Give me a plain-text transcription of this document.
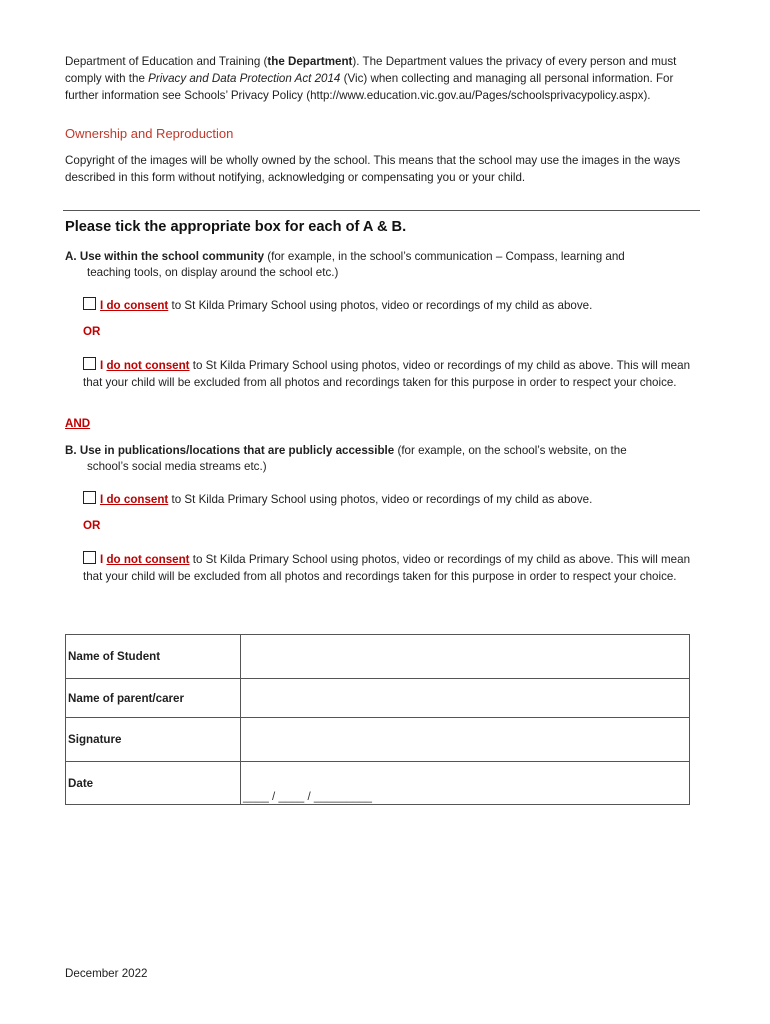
Department of Education and Training (the Department). The Department values the privacy of every person and must comply with the Privacy and Data Protection Act 2014 (Vic) when collecting and managing all personal information. For further information see Schools’ Privacy Policy (http://www.education.vic.gov.au/Pages/schoolsprivacypolicy.aspx).
Ownership and Reproduction
Copyright of the images will be wholly owned by the school. This means that the school may use the images in the ways described in this form without notifying, acknowledging or compensating you or your child.
Please tick the appropriate box for each of A & B.
A. Use within the school community (for example, in the school’s communication – Compass, learning and
teaching tools, on display around the school etc.)
I do consent to St Kilda Primary School using photos, video or recordings of my child as above.
OR
I do not consent to St Kilda Primary School using photos, video or recordings of my child as above. This will mean that your child will be excluded from all photos and recordings taken for this purpose in order to respect your choice.
AND
B. Use in publications/locations that are publicly accessible (for example, on the school’s website, on the
school’s social media streams etc.)
I do consent to St Kilda Primary School using photos, video or recordings of my child as above.
OR
I do not consent to St Kilda Primary School using photos, video or recordings of my child as above. This will mean that your child will be excluded from all photos and recordings taken for this purpose in order to respect your choice.
Name of Student	
Name of parent/carer	
Signature	
Date	____ / ____ / _________
December 2022
